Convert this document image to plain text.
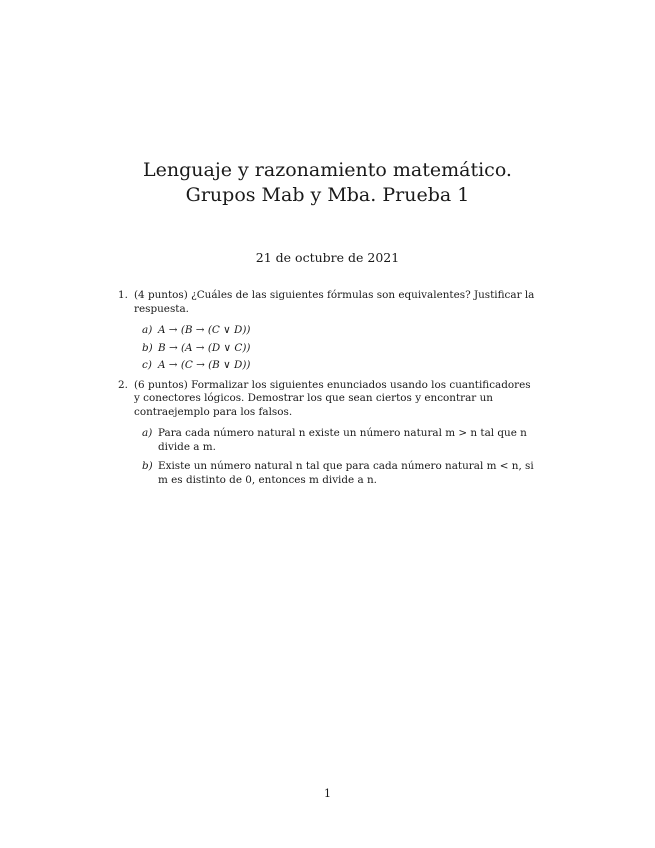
Lenguaje y razonamiento matemático.
Grupos Mab y Mba. Prueba 1
21 de octubre de 2021
1. (4 puntos) ¿Cuáles de las siguientes fórmulas son equivalentes? Justificar la respuesta.
a) A → (B → (C ∨ D))
b) B → (A → (D ∨ C))
c) A → (C → (B ∨ D))
2. (6 puntos) Formalizar los siguientes enunciados usando los cuantificadores y conectores lógicos. Demostrar los que sean ciertos y encontrar un contraejemplo para los falsos.
a) Para cada número natural n existe un número natural m > n tal que n divide a m.
b) Existe un número natural n tal que para cada número natural m < n, si m es distinto de 0, entonces m divide a n.
1
